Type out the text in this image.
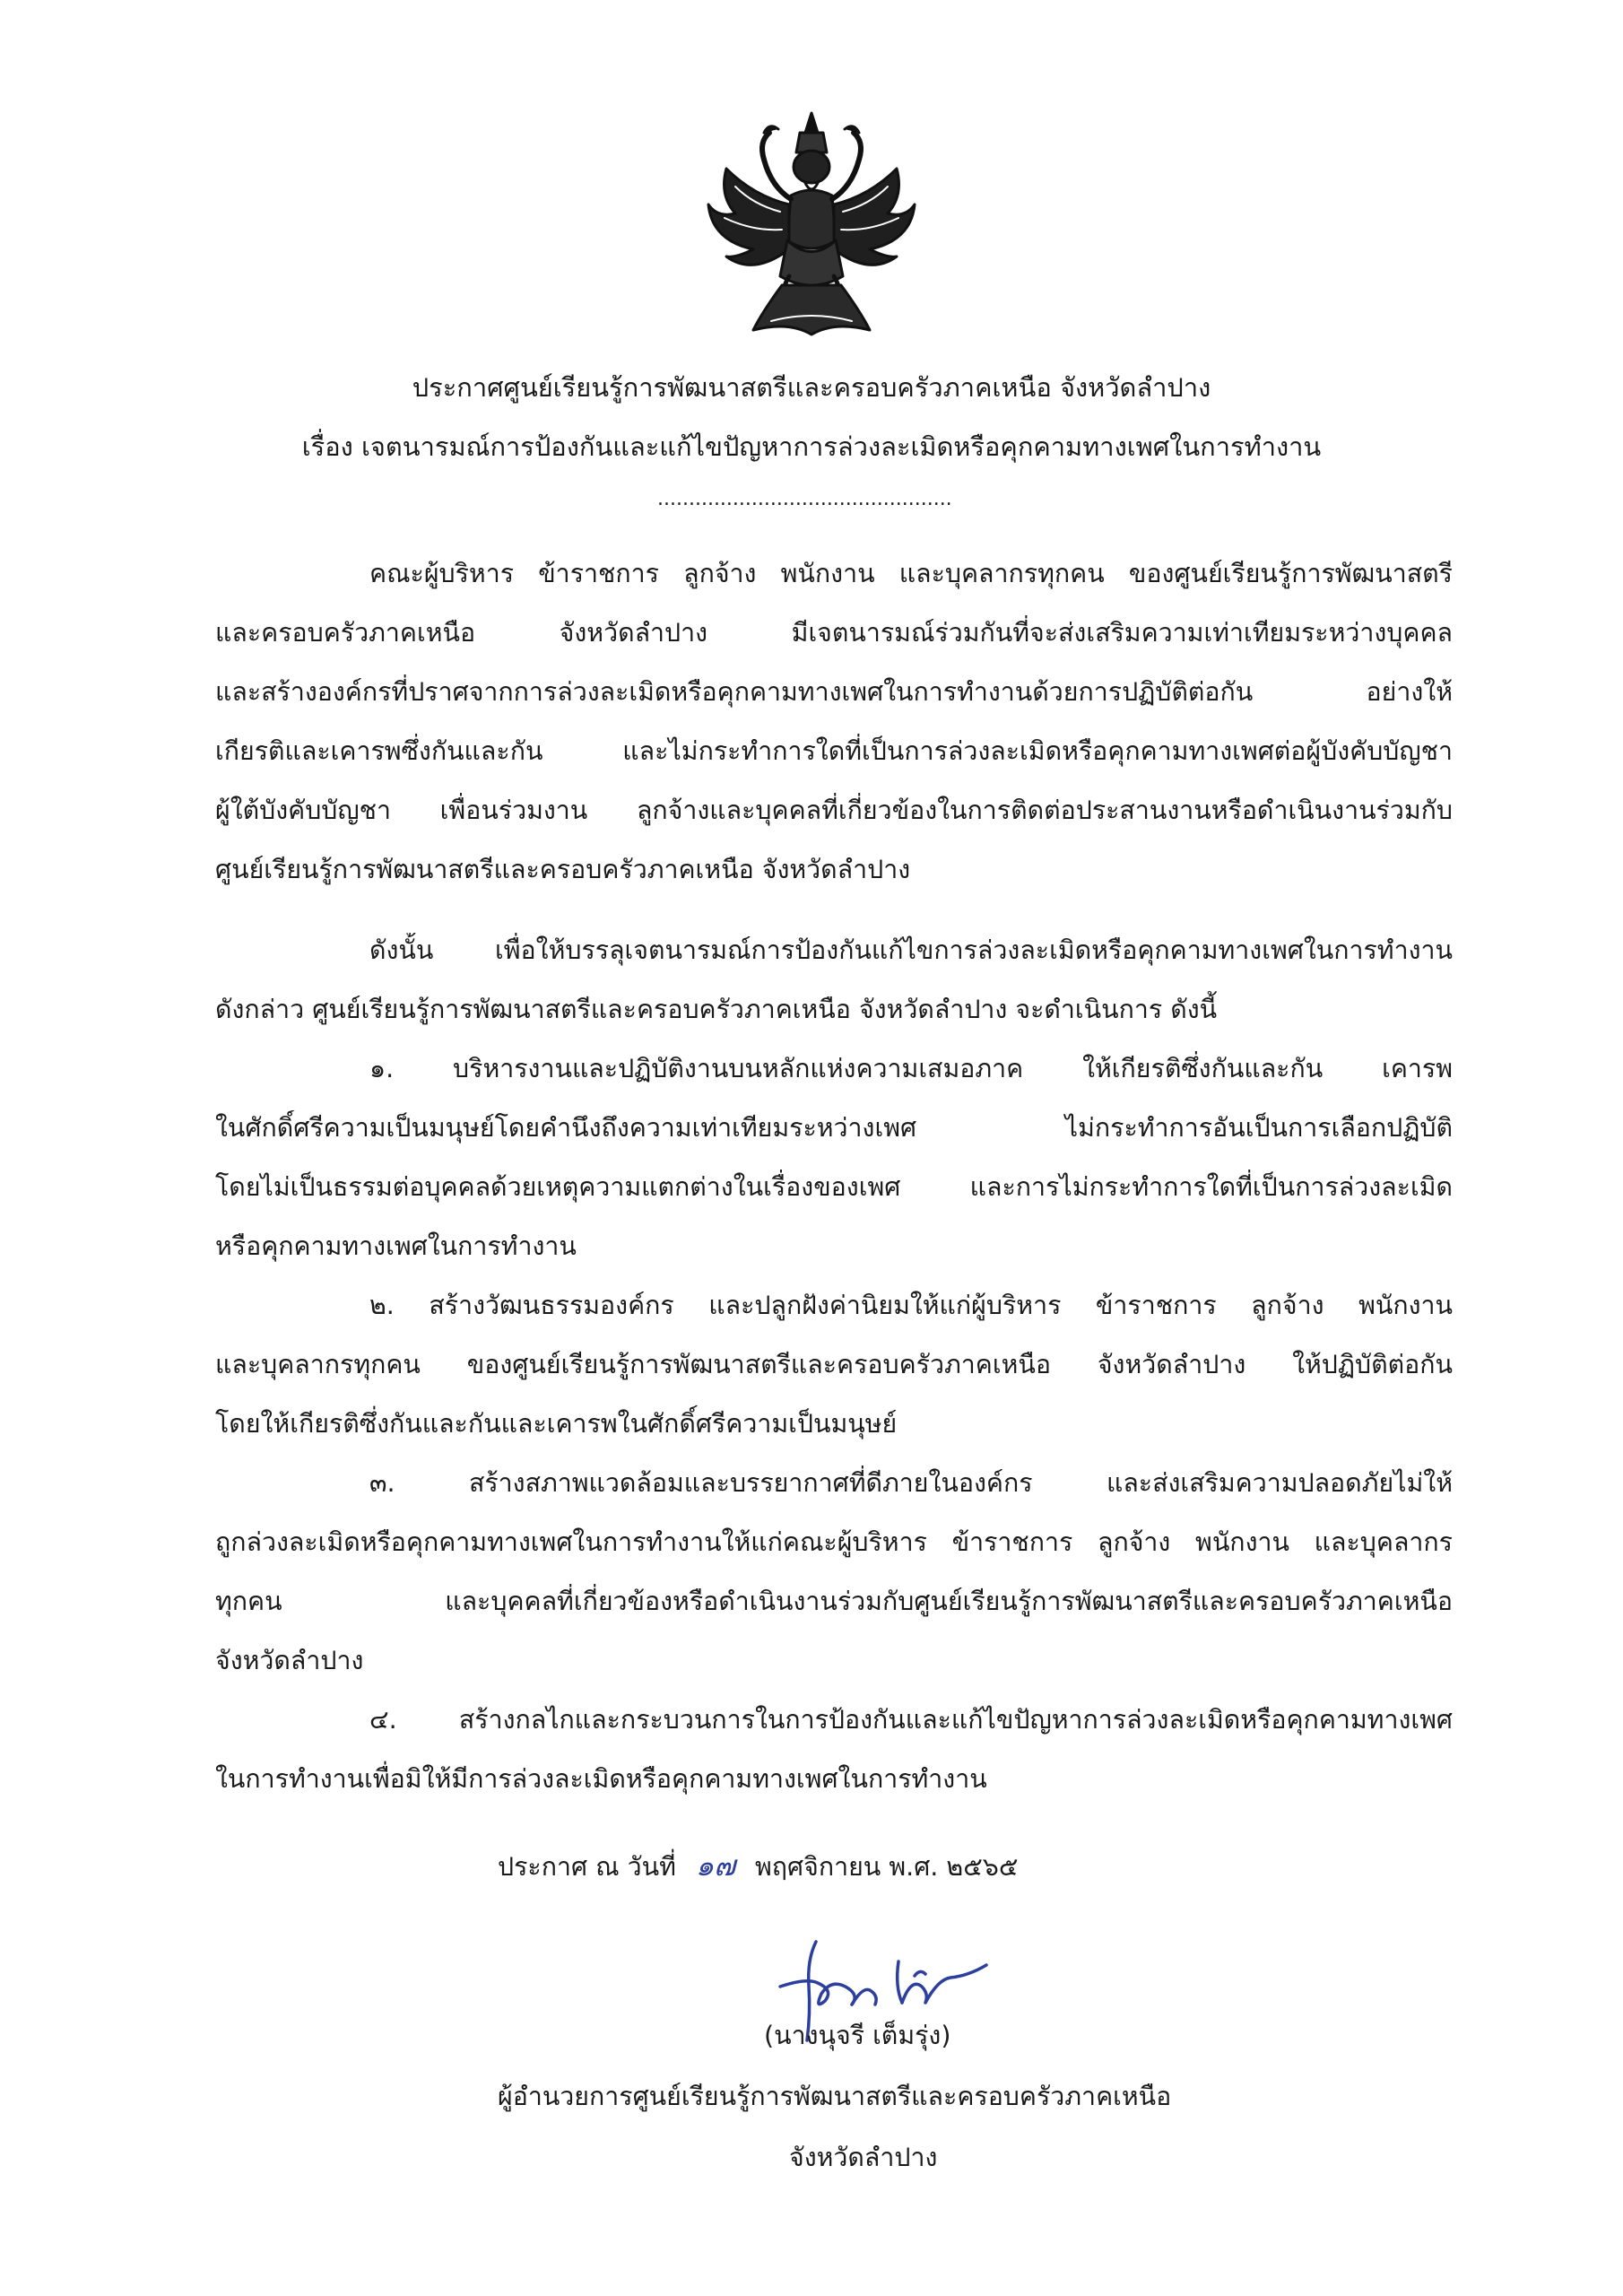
ประกาศศูนย์เรียนรู้การพัฒนาสตรีและครอบครัวภาคเหนือ จังหวัดลำปาง
เรื่อง เจตนารมณ์การป้องกันและแก้ไขปัญหาการล่วงละเมิดหรือคุกคามทางเพศในการทำงาน
...............................................
คณะผู้บริหาร ข้าราชการ ลูกจ้าง พนักงาน และบุคลากรทุกคน ของศูนย์เรียนรู้การพัฒนาสตรี
และครอบครัวภาคเหนือ จังหวัดลำปาง มีเจตนารมณ์ร่วมกันที่จะส่งเสริมความเท่าเทียมระหว่างบุคคล
และสร้างองค์กรที่ปราศจากการล่วงละเมิดหรือคุกคามทางเพศในการทำงานด้วยการปฏิบัติต่อกัน อย่างให้
เกียรติและเคารพซึ่งกันและกัน และไม่กระทำการใดที่เป็นการล่วงละเมิดหรือคุกคามทางเพศต่อผู้บังคับบัญชา
ผู้ใต้บังคับบัญชา เพื่อนร่วมงาน ลูกจ้างและบุคคลที่เกี่ยวข้องในการติดต่อประสานงานหรือดำเนินงานร่วมกับ
ศูนย์เรียนรู้การพัฒนาสตรีและครอบครัวภาคเหนือ จังหวัดลำปาง
ดังนั้น เพื่อให้บรรลุเจตนารมณ์การป้องกันแก้ไขการล่วงละเมิดหรือคุกคามทางเพศในการทำงาน
ดังกล่าว ศูนย์เรียนรู้การพัฒนาสตรีและครอบครัวภาคเหนือ จังหวัดลำปาง จะดำเนินการ ดังนี้
๑. บริหารงานและปฏิบัติงานบนหลักแห่งความเสมอภาค ให้เกียรติซึ่งกันและกัน เคารพ
ในศักดิ์ศรีความเป็นมนุษย์โดยคำนึงถึงความเท่าเทียมระหว่างเพศ ไม่กระทำการอันเป็นการเลือกปฏิบัติ
โดยไม่เป็นธรรมต่อบุคคลด้วยเหตุความแตกต่างในเรื่องของเพศ และการไม่กระทำการใดที่เป็นการล่วงละเมิด
หรือคุกคามทางเพศในการทำงาน
๒. สร้างวัฒนธรรมองค์กร และปลูกฝังค่านิยมให้แก่ผู้บริหาร ข้าราชการ ลูกจ้าง พนักงาน
และบุคลากรทุกคน ของศูนย์เรียนรู้การพัฒนาสตรีและครอบครัวภาคเหนือ จังหวัดลำปาง ให้ปฏิบัติต่อกัน
โดยให้เกียรติซึ่งกันและกันและเคารพในศักดิ์ศรีความเป็นมนุษย์
๓. สร้างสภาพแวดล้อมและบรรยากาศที่ดีภายในองค์กร และส่งเสริมความปลอดภัยไม่ให้
ถูกล่วงละเมิดหรือคุกคามทางเพศในการทำงานให้แก่คณะผู้บริหาร ข้าราชการ ลูกจ้าง พนักงาน และบุคลากร
ทุกคน และบุคคลที่เกี่ยวข้องหรือดำเนินงานร่วมกับศูนย์เรียนรู้การพัฒนาสตรีและครอบครัวภาคเหนือ
จังหวัดลำปาง
๔. สร้างกลไกและกระบวนการในการป้องกันและแก้ไขปัญหาการล่วงละเมิดหรือคุกคามทางเพศ
ในการทำงานเพื่อมิให้มีการล่วงละเมิดหรือคุกคามทางเพศในการทำงาน
ประกาศ ณ วันที่ ๑๗ พฤศจิกายน พ.ศ. ๒๕๖๕
(นางนุจรี เต็มรุ่ง)
ผู้อำนวยการศูนย์เรียนรู้การพัฒนาสตรีและครอบครัวภาคเหนือ
จังหวัดลำปาง
